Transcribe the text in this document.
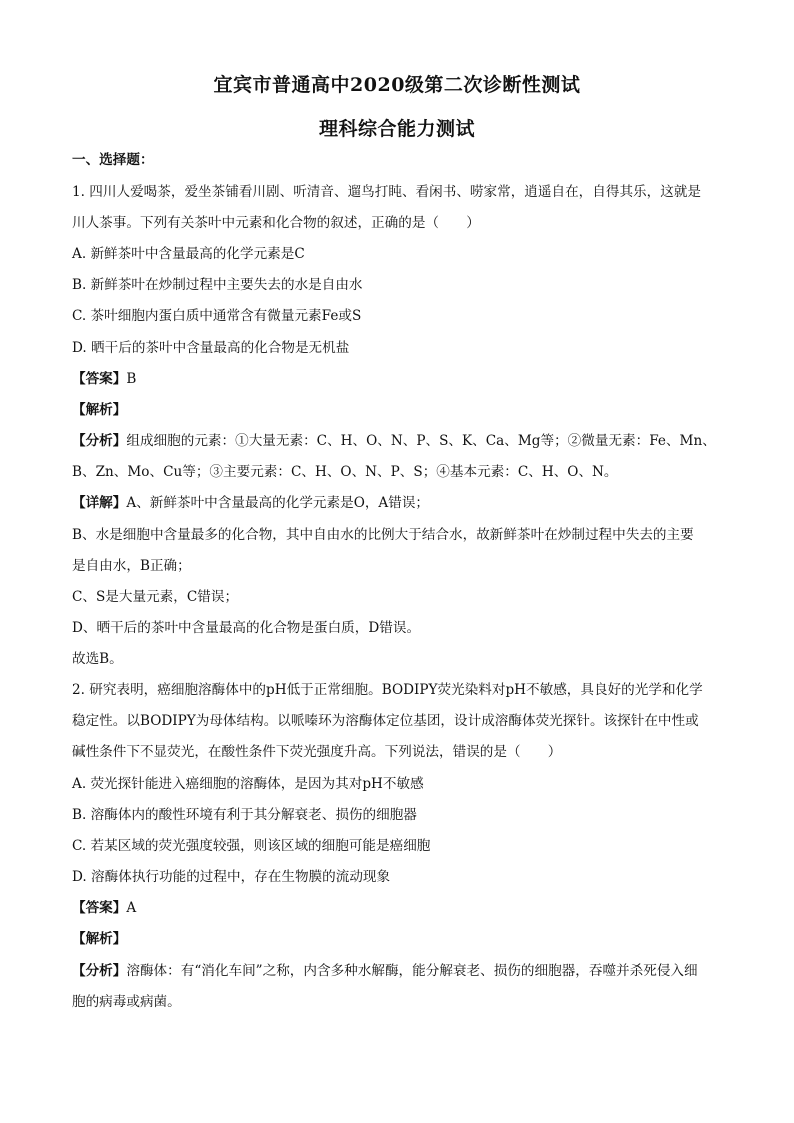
宜宾市普通高中2020级第二次诊断性测试
理科综合能力测试
一、选择题：
1. 四川人爱喝茶，爱坐茶铺看川剧、听清音、遛鸟打盹、看闲书、唠家常，逍遥自在，自得其乐，这就是
川人茶事。下列有关茶叶中元素和化合物的叙述，正确的是（　　）
A. 新鲜茶叶中含量最高的化学元素是C
B. 新鲜茶叶在炒制过程中主要失去的水是自由水
C. 茶叶细胞内蛋白质中通常含有微量元素Fe或S
D. 晒干后的茶叶中含量最高的化合物是无机盐
【答案】B
【解析】
【分析】组成细胞的元素：①大量无素：C、H、O、N、P、S、K、Ca、Mg等；②微量无素：Fe、Mn、
B、Zn、Mo、Cu等；③主要元素：C、H、O、N、P、S；④基本元素：C、H、O、N。
【详解】A、新鲜茶叶中含量最高的化学元素是O，A错误；
B、水是细胞中含量最多的化合物，其中自由水的比例大于结合水，故新鲜茶叶在炒制过程中失去的主要
是自由水，B正确；
C、S是大量元素，C错误；
D、晒干后的茶叶中含量最高的化合物是蛋白质，D错误。
故选B。
2. 研究表明，癌细胞溶酶体中的pH低于正常细胞。BODIPY荧光染料对pH不敏感，具良好的光学和化学
稳定性。以BODIPY为母体结构。以哌嗪环为溶酶体定位基团，设计成溶酶体荧光探针。该探针在中性或
碱性条件下不显荧光，在酸性条件下荧光强度升高。下列说法，错误的是（　　）
A. 荧光探针能进入癌细胞的溶酶体，是因为其对pH不敏感
B. 溶酶体内的酸性环境有利于其分解衰老、损伤的细胞器
C. 若某区域的荧光强度较强，则该区域的细胞可能是癌细胞
D. 溶酶体执行功能的过程中，存在生物膜的流动现象
【答案】A
【解析】
【分析】溶酶体：有“消化车间”之称，内含多种水解酶，能分解衰老、损伤的细胞器，吞噬并杀死侵入细
胞的病毒或病菌。
